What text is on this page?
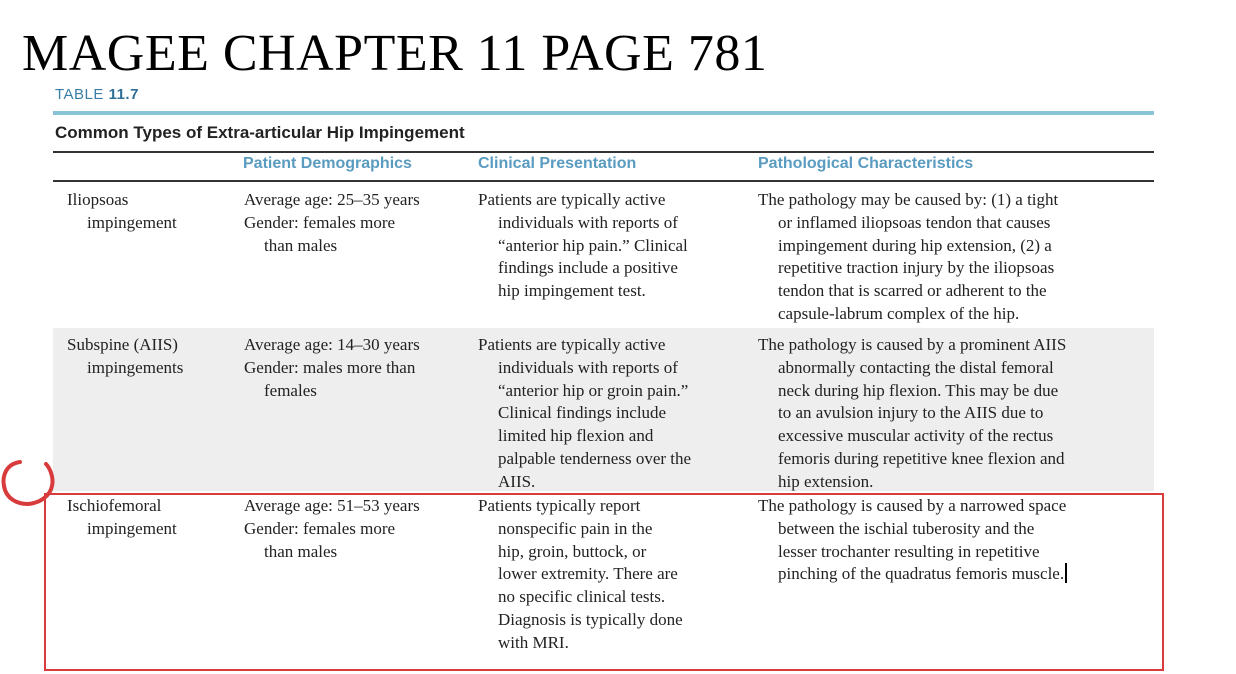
MAGEE CHAPTER 11 PAGE 781
TABLE 11.7
Common Types of Extra-articular Hip Impingement
Patient Demographics	Clinical Presentation	Pathological Characteristics
Iliopsoas
impingement
Average age: 25–35 years
Gender: females more
than males
Patients are typically active
individuals with reports of
“anterior hip pain.” Clinical
findings include a positive
hip impingement test.
The pathology may be caused by: (1) a tight
or inflamed iliopsoas tendon that causes
impingement during hip extension, (2) a
repetitive traction injury by the iliopsoas
tendon that is scarred or adherent to the
capsule-labrum complex of the hip.
Subspine (AIIS)
impingements
Average age: 14–30 years
Gender: males more than
females
Patients are typically active
individuals with reports of
“anterior hip or groin pain.”
Clinical findings include
limited hip flexion and
palpable tenderness over the
AIIS.
The pathology is caused by a prominent AIIS
abnormally contacting the distal femoral
neck during hip flexion. This may be due
to an avulsion injury to the AIIS due to
excessive muscular activity of the rectus
femoris during repetitive knee flexion and
hip extension.
Ischiofemoral
impingement
Average age: 51–53 years
Gender: females more
than males
Patients typically report
nonspecific pain in the
hip, groin, buttock, or
lower extremity. There are
no specific clinical tests.
Diagnosis is typically done
with MRI.
The pathology is caused by a narrowed space
between the ischial tuberosity and the
lesser trochanter resulting in repetitive
pinching of the quadratus femoris muscle.
